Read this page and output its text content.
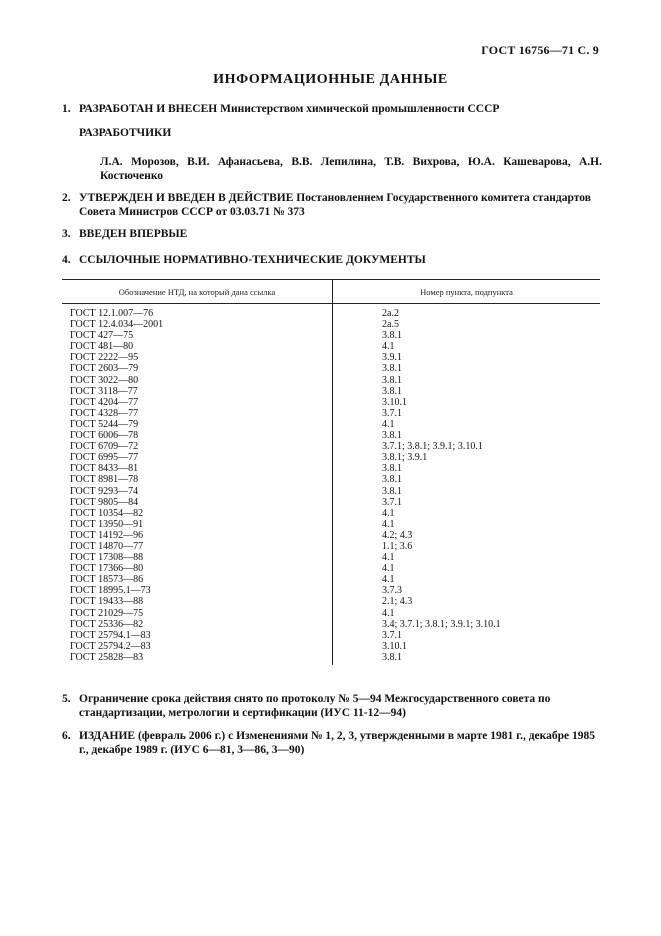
ГОСТ 16756—71 С. 9
ИНФОРМАЦИОННЫЕ ДАННЫЕ
1. РАЗРАБОТАН И ВНЕСЕН Министерством химической промышленности СССР
РАЗРАБОТЧИКИ
Л.А. Морозов, В.И. Афанасьева, В.В. Лепилина, Т.В. Вихрова, Ю.А. Кашеварова, А.Н. Костюченко
2. УТВЕРЖДЕН И ВВЕДЕН В ДЕЙСТВИЕ Постановлением Государственного комитета стандартов Совета Министров СССР от 03.03.71 № 373
3. ВВЕДЕН ВПЕРВЫЕ
4. ССЫЛОЧНЫЕ НОРМАТИВНО-ТЕХНИЧЕСКИЕ ДОКУМЕНТЫ
Обозначение НТД, на который дана ссылка	Номер пункта, подпункта
ГОСТ 12.1.007—76	2а.2
ГОСТ 12.4.034—2001	2а.5
ГОСТ 427—75	3.8.1
ГОСТ 481—80	4.1
ГОСТ 2222—95	3.9.1
ГОСТ 2603—79	3.8.1
ГОСТ 3022—80	3.8.1
ГОСТ 3118—77	3.8.1
ГОСТ 4204—77	3.10.1
ГОСТ 4328—77	3.7.1
ГОСТ 5244—79	4.1
ГОСТ 6006—78	3.8.1
ГОСТ 6709—72	3.7.1; 3.8.1; 3.9.1; 3.10.1
ГОСТ 6995—77	3.8.1; 3.9.1
ГОСТ 8433—81	3.8.1
ГОСТ 8981—78	3.8.1
ГОСТ 9293—74	3.8.1
ГОСТ 9805—84	3.7.1
ГОСТ 10354—82	4.1
ГОСТ 13950—91	4.1
ГОСТ 14192—96	4.2; 4.3
ГОСТ 14870—77	1.1; 3.6
ГОСТ 17308—88	4.1
ГОСТ 17366—80	4.1
ГОСТ 18573—86	4.1
ГОСТ 18995.1—73	3.7.3
ГОСТ 19433—88	2.1; 4.3
ГОСТ 21029—75	4.1
ГОСТ 25336—82	3.4; 3.7.1; 3.8.1; 3.9.1; 3.10.1
ГОСТ 25794.1—83	3.7.1
ГОСТ 25794.2—83	3.10.1
ГОСТ 25828—83	3.8.1
5. Ограничение срока действия снято по протоколу № 5—94 Межгосударственного совета по стандартизации, метрологии и сертификации (ИУС 11-12—94)
6. ИЗДАНИЕ (февраль 2006 г.) с Изменениями № 1, 2, 3, утвержденными в марте 1981 г., декабре 1985 г., декабре 1989 г. (ИУС 6—81, 3—86, 3—90)
